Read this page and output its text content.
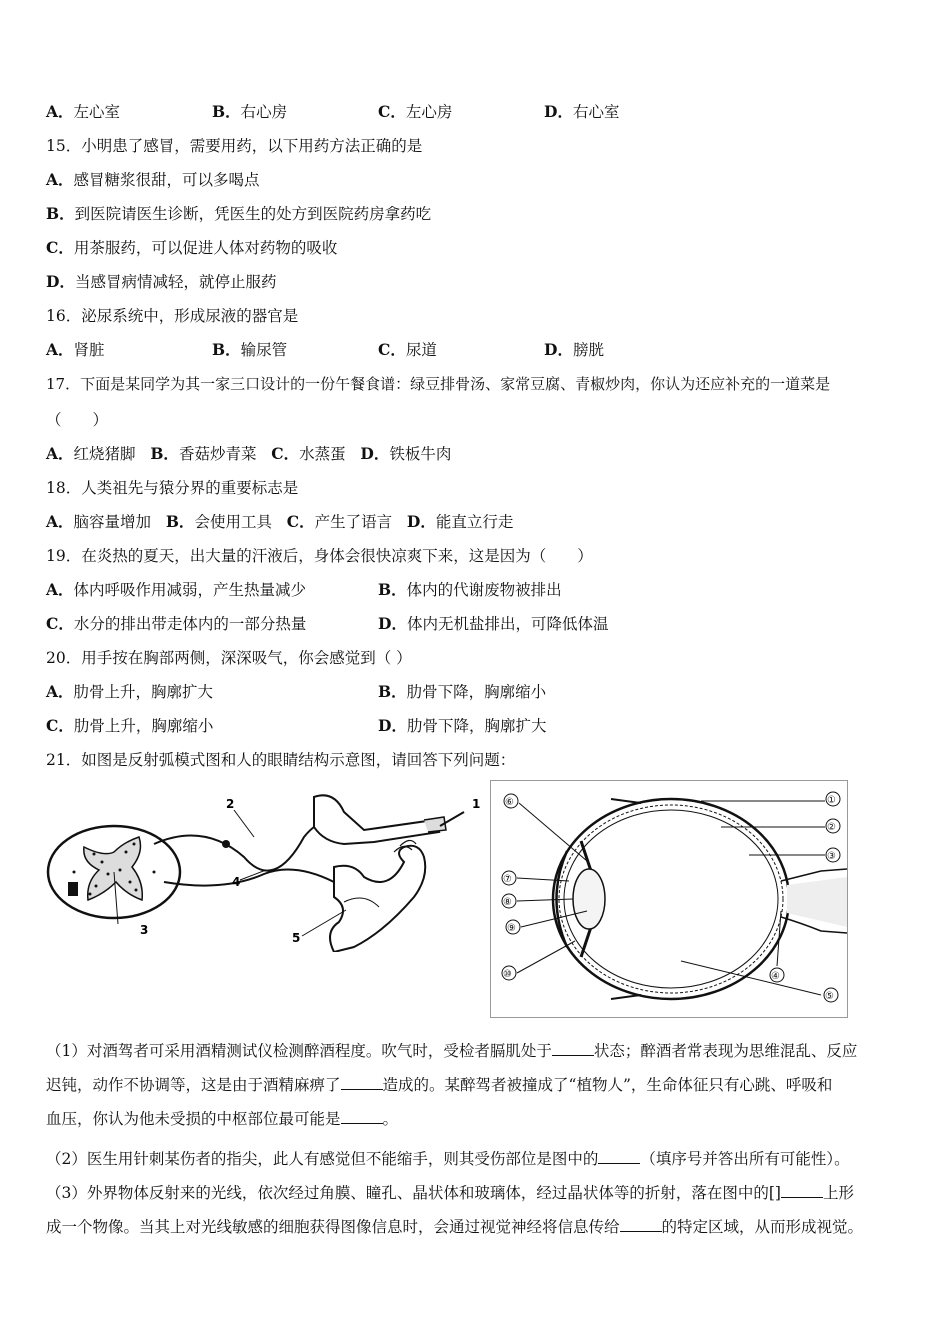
A．左心室	B．右心房	C．左心房	D．右心室
15．小明患了感冒，需要用药，以下用药方法正确的是
A．感冒糖浆很甜，可以多喝点
B．到医院请医生诊断，凭医生的处方到医院药房拿药吃
C．用茶服药，可以促进人体对药物的吸收
D．当感冒病情减轻，就停止服药
16．泌尿系统中，形成尿液的器官是
A．肾脏	B．输尿管	C．尿道	D．膀胱
17．下面是某同学为其一家三口设计的一份午餐食谱：绿豆排骨汤、家常豆腐、青椒炒肉，你认为还应补充的一道菜是
（　　）
A．红烧猪脚 B．香菇炒青菜 C．水蒸蛋 D．铁板牛肉
18．人类祖先与猿分界的重要标志是
A．脑容量增加 B．会使用工具 C．产生了语言 D．能直立行走
19．在炎热的夏天，出大量的汗液后，身体会很快凉爽下来，这是因为（　　）
A．体内呼吸作用减弱，产生热量减少	B．体内的代谢废物被排出
C．水分的排出带走体内的一部分热量	D．体内无机盐排出，可降低体温
20．用手按在胸部两侧，深深吸气，你会感觉到（ ）
A．肋骨上升，胸廓扩大	B．肋骨下降，胸廓缩小
C．肋骨上升，胸廓缩小	D．肋骨下降，胸廓扩大
21．如图是反射弧模式图和人的眼睛结构示意图，请回答下列问题：
3
2
4
1
5
①
②
③
④
⑤
⑥
⑦
⑧
⑨
⑩
（1）对酒驾者可采用酒精测试仪检测醉酒程度。吹气时，受检者膈肌处于	状态；醉酒者常表现为思维混乱、反应
迟钝，动作不协调等，这是由于酒精麻痹了	造成的。某醉驾者被撞成了“植物人”，生命体征只有心跳、呼吸和
血压，你认为他未受损的中枢部位最可能是	。
（2）医生用针刺某伤者的指尖，此人有感觉但不能缩手，则其受伤部位是图中的	（填序号并答出所有可能性）。
（3）外界物体反射来的光线，依次经过角膜、瞳孔、晶状体和玻璃体，经过晶状体等的折射，落在图中的[]	上形
成一个物像。当其上对光线敏感的细胞获得图像信息时，会通过视觉神经将信息传给	的特定区域，从而形成视觉。
